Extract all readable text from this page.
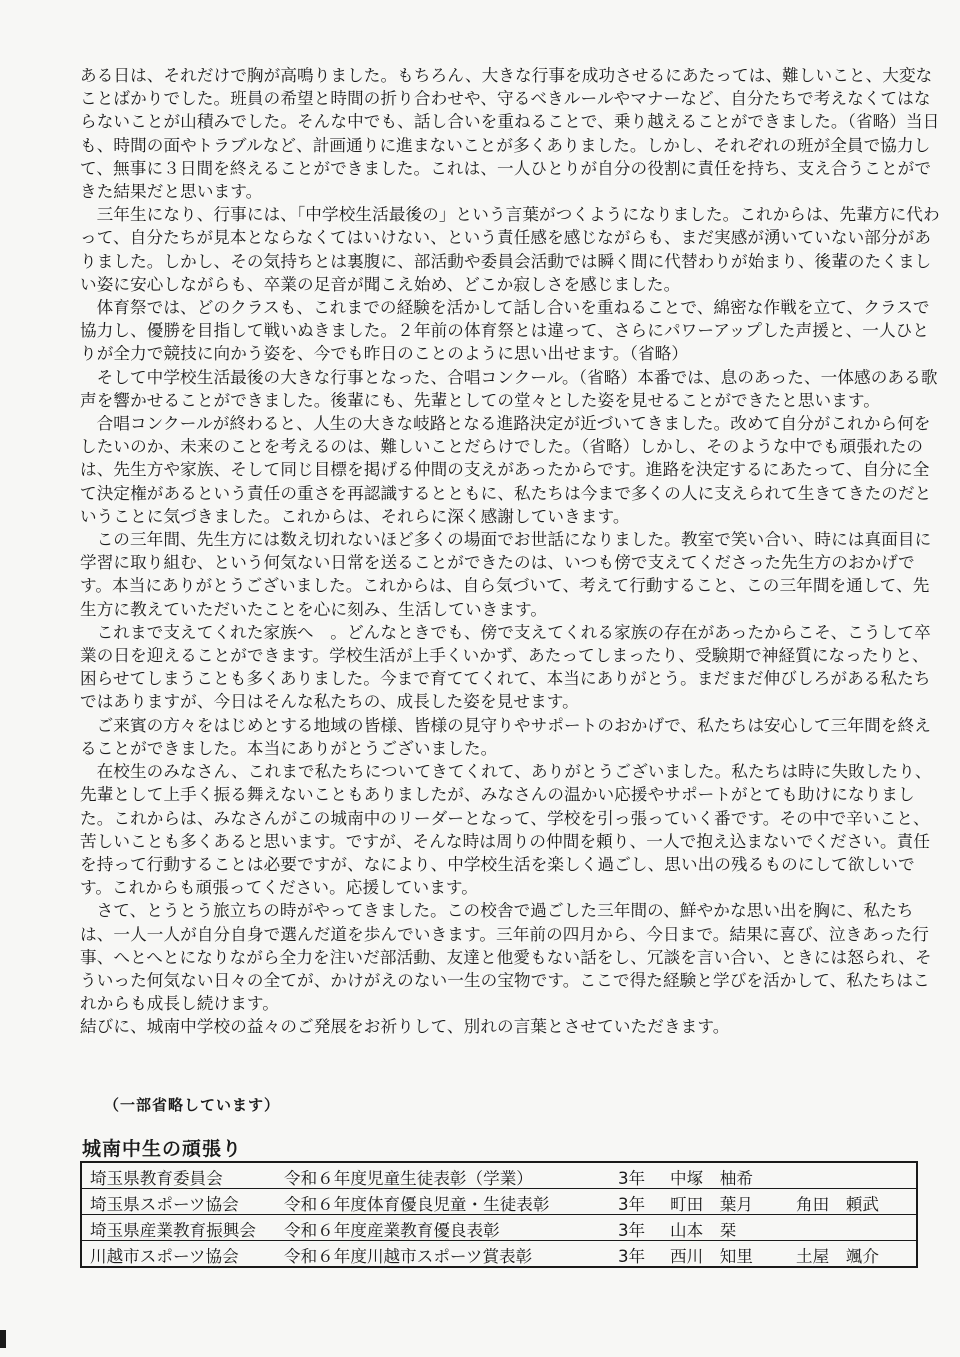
ある日は、それだけで胸が高鳴りました。もちろん、大きな行事を成功させるにあたっては、難しいこと、大変なことばかりでした。班員の希望と時間の折り合わせや、守るべきルールやマナーなど、自分たちで考えなくてはならないことが山積みでした。そんな中でも、話し合いを重ねることで、乗り越えることができました。（省略）当日も、時間の面やトラブルなど、計画通りに進まないことが多くありました。しかし、それぞれの班が全員で協力して、無事に３日間を終えることができました。これは、一人ひとりが自分の役割に責任を持ち、支え合うことができた結果だと思います。

三年生になり、行事には、「中学校生活最後の」という言葉がつくようになりました。これからは、先輩方に代わって、自分たちが見本とならなくてはいけない、という責任感を感じながらも、まだ実感が湧いていない部分がありました。しかし、その気持ちとは裏腹に、部活動や委員会活動では瞬く間に代替わりが始まり、後輩のたくましい姿に安心しながらも、卒業の足音が聞こえ始め、どこか寂しさを感じました。

体育祭では、どのクラスも、これまでの経験を活かして話し合いを重ねることで、綿密な作戦を立て、クラスで協力し、優勝を目指して戦いぬきました。２年前の体育祭とは違って、さらにパワーアップした声援と、一人ひとりが全力で競技に向かう姿を、今でも昨日のことのように思い出せます。（省略）

そして中学校生活最後の大きな行事となった、合唱コンクール。（省略）本番では、息のあった、一体感のある歌声を響かせることができました。後輩にも、先輩としての堂々とした姿を見せることができたと思います。

合唱コンクールが終わると、人生の大きな岐路となる進路決定が近づいてきました。改めて自分がこれから何をしたいのか、未来のことを考えるのは、難しいことだらけでした。（省略）しかし、そのような中でも頑張れたのは、先生方や家族、そして同じ目標を掲げる仲間の支えがあったからです。進路を決定するにあたって、自分に全て決定権があるという責任の重さを再認識するとともに、私たちは今まで多くの人に支えられて生きてきたのだということに気づきました。これからは、それらに深く感謝していきます。

この三年間、先生方には数え切れないほど多くの場面でお世話になりました。教室で笑い合い、時には真面目に学習に取り組む、という何気ない日常を送ることができたのは、いつも傍で支えてくださった先生方のおかげです。本当にありがとうございました。これからは、自ら気づいて、考えて行動すること、この三年間を通して、先生方に教えていただいたことを心に刻み、生活していきます。

これまで支えてくれた家族へ　。どんなときでも、傍で支えてくれる家族の存在があったからこそ、こうして卒業の日を迎えることができます。学校生活が上手くいかず、あたってしまったり、受験期で神経質になったりと、困らせてしまうことも多くありました。今まで育ててくれて、本当にありがとう。まだまだ伸びしろがある私たちではありますが、今日はそんな私たちの、成長した姿を見せます。

ご来賓の方々をはじめとする地域の皆様、皆様の見守りやサポートのおかげで、私たちは安心して三年間を終えることができました。本当にありがとうございました。

在校生のみなさん、これまで私たちについてきてくれて、ありがとうございました。私たちは時に失敗したり、先輩として上手く振る舞えないこともありましたが、みなさんの温かい応援やサポートがとても助けになりました。これからは、みなさんがこの城南中のリーダーとなって、学校を引っ張っていく番です。その中で辛いこと、苦しいことも多くあると思います。ですが、そんな時は周りの仲間を頼り、一人で抱え込まないでください。責任を持って行動することは必要ですが、なにより、中学校生活を楽しく過ごし、思い出の残るものにして欲しいです。これからも頑張ってください。応援しています。

さて、とうとう旅立ちの時がやってきました。この校舎で過ごした三年間の、鮮やかな思い出を胸に、私たちは、一人一人が自分自身で選んだ道を歩んでいきます。三年前の四月から、今日まで。結果に喜び、泣きあった行事、へとへとになりながら全力を注いだ部活動、友達と他愛もない話をし、冗談を言い合い、ときには怒られ、そういった何気ない日々の全てが、かけがえのない一生の宝物です。ここで得た経験と学びを活かして、私たちはこれからも成長し続けます。

結びに、城南中学校の益々のご発展をお祈りして、別れの言葉とさせていただきます。

（一部省略しています）
城南中生の頑張り
埼玉県教育委員会	令和６年度児童生徒表彰（学業）	3年 中塚　柚希

埼玉県スポーツ協会	令和６年度体育優良児童・生徒表彰	3年 町田　葉月	角田　頼武

埼玉県産業教育振興会 令和６年度産業教育優良表彰	3年 山本　栞

川越市スポーツ協会	令和６年度川越市スポーツ賞表彰	3年 西川　知里	土屋　颯介
